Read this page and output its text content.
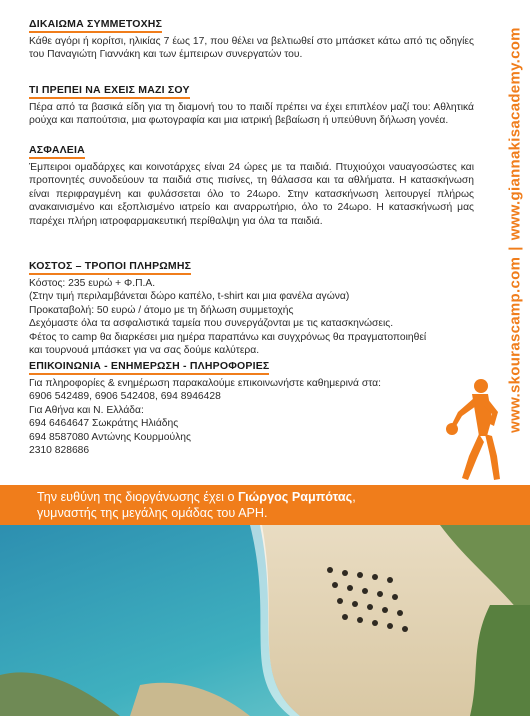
ΔΙΚΑΙΩΜΑ ΣΥΜΜΕΤΟΧΗΣ
Κάθε αγόρι ή κορίτσι, ηλικίας 7 έως 17, που θέλει να βελτιωθεί στο μπάσκετ κάτω από τις οδηγίες του Παναγιώτη Γιαννάκη και των έμπειρων συνεργατών του.
ΤΙ ΠΡΕΠΕΙ ΝΑ ΕΧΕΙΣ ΜΑΖΙ ΣΟΥ
Πέρα από τα βασικά είδη για τη διαμονή του το παιδί πρέπει να έχει επιπλέον μαζί του: Αθλητικά ρούχα και παπούτσια, μια φωτογραφία και μια ιατρική βεβαίωση ή υπεύθυνη δήλωση γονέα.
ΑΣΦΑΛΕΙΑ
Έμπειροι ομαδάρχες και κοινοτάρχες είναι 24 ώρες με τα παιδιά. Πτυχιούχοι ναυαγοσώστες και προπονητές συνοδεύουν τα παιδιά στις πισίνες, τη θάλασσα και τα αθλήματα. Η κατασκήνωση είναι περιφραγμένη και φυλάσσεται όλο το 24ωρο. Στην κατασκήνωση λειτουργεί πλήρως ανακαινισμένο και εξοπλισμένο ιατρείο και αναρρωτήριο, όλο το 24ωρο. Η κατασκήνωσή μας παρέχει πλήρη ιατροφαρμακευτική περίθαλψη για όλα τα παιδιά.
ΚΟΣΤΟΣ – ΤΡΟΠΟΙ ΠΛΗΡΩΜΗΣ
Κόστος: 235 ευρώ + Φ.Π.Α.
(Στην τιμή περιλαμβάνεται δώρο καπέλο, t-shirt και μια φανέλα αγώνα)
Προκαταβολή: 50 ευρώ / άτομο με τη δήλωση συμμετοχής
Δεχόμαστε όλα τα ασφαλιστικά ταμεία που συνεργάζονται με τις κατασκηνώσεις.
Φέτος το camp θα διαρκέσει μια ημέρα παραπάνω και συγχρόνως θα πραγματοποιηθεί
και τουρνουά μπάσκετ για να σας δούμε καλύτερα.
ΕΠΙΚΟΙΝΩΝΙΑ - ΕΝΗΜΕΡΩΣΗ - ΠΛΗΡΟΦΟΡΙΕΣ
Για πληροφορίες & ενημέρωση παρακαλούμε επικοινωνήστε καθημερινά στα:
6906 542489, 6906 542408, 694 8946428
Για Αθήνα και Ν. Ελλάδα:
694 6464647 Σωκράτης Ηλιάδης
694 8587080 Αντώνης Κουρμούλης
2310 828686
www.skourascamp.com|www.giannakisacademy.com
Την ευθύνη της διοργάνωσης έχει ο Γιώργος Ραμπότας,
γυμναστής της μεγάλης ομάδας του ΑΡΗ.
